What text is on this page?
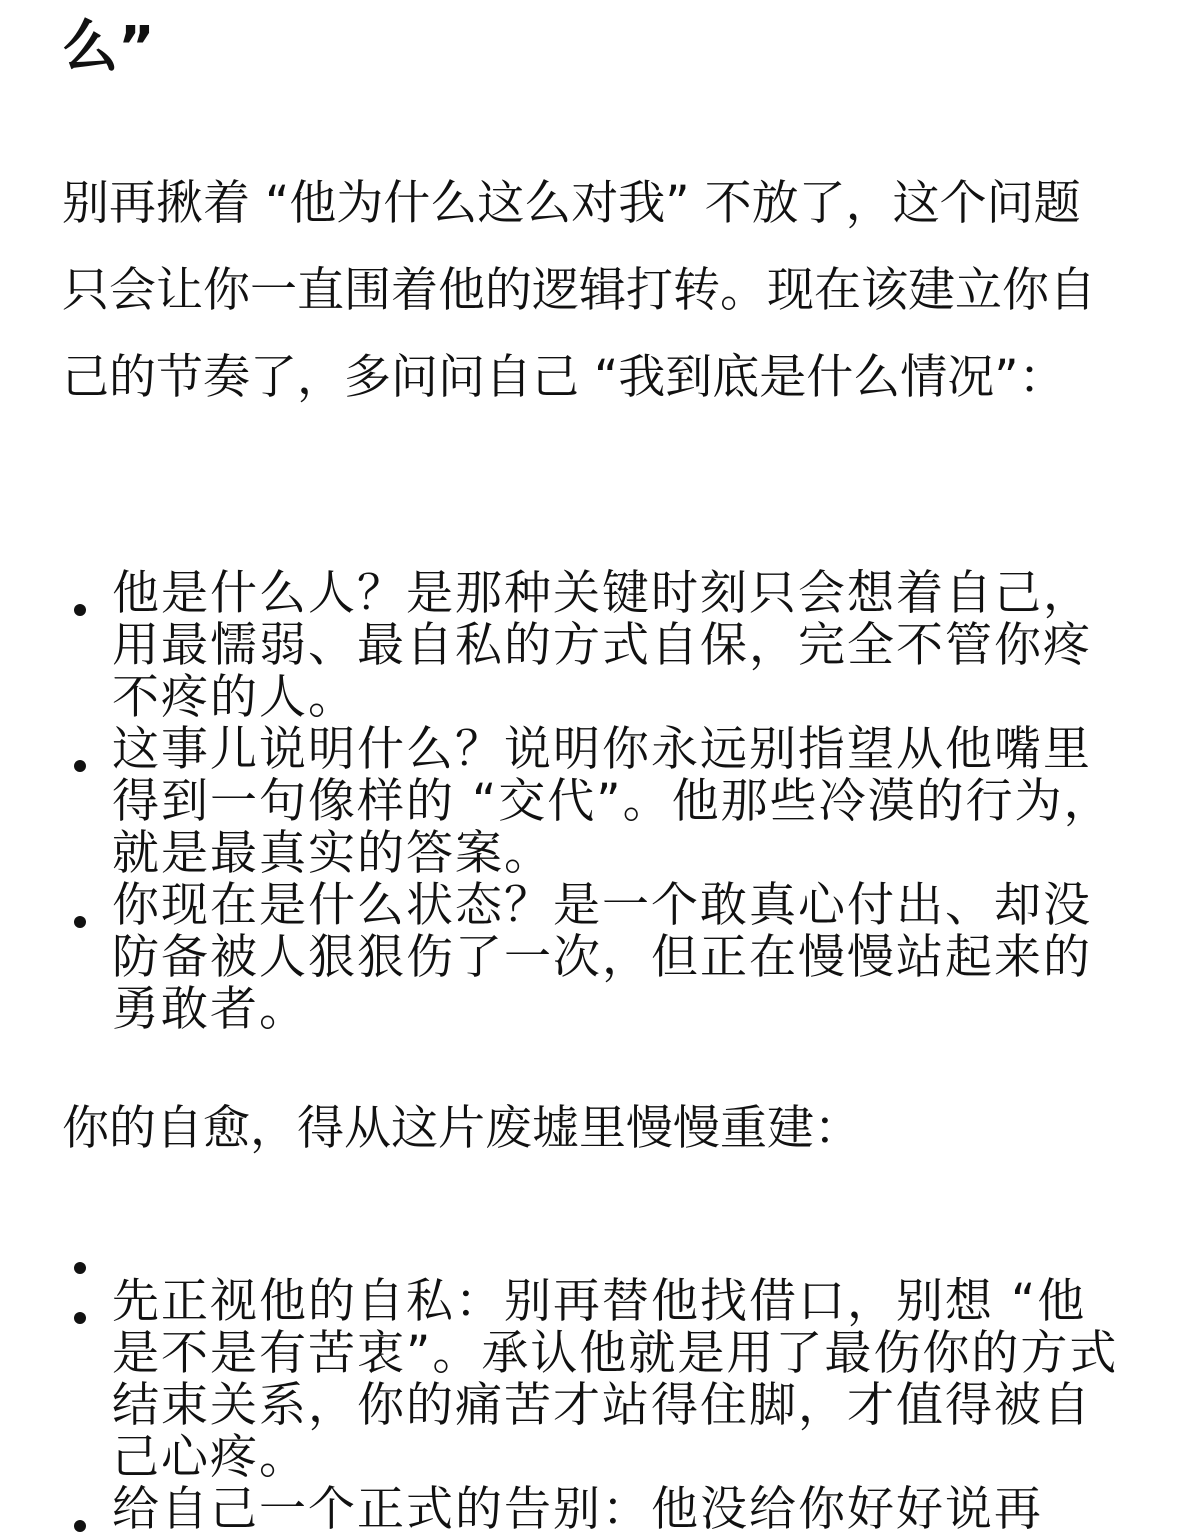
么”

别再揪着 “他为什么这么对我” 不放了，这个问题只会让你一直围着他的逻辑打转。现在该建立你自己的节奏了，多问问自己 “我到底是什么情况”：

他是什么人？是那种关键时刻只会想着自己，用最懦弱、最自私的方式自保，完全不管你疼不疼的人。
这事儿说明什么？说明你永远别指望从他嘴里得到一句像样的 “交代”。他那些冷漠的行为，就是最真实的答案。
你现在是什么状态？是一个敢真心付出、却没防备被人狠狠伤了一次，但正在慢慢站起来的勇敢者。

你的自愈，得从这片废墟里慢慢重建：

先正视他的自私：别再替他找借口，别想 “他是不是有苦衷”。承认他就是用了最伤你的方式结束关系，你的痛苦才站得住脚，才值得被自己心疼。
给自己一个正式的告别：他没给你好好说再
